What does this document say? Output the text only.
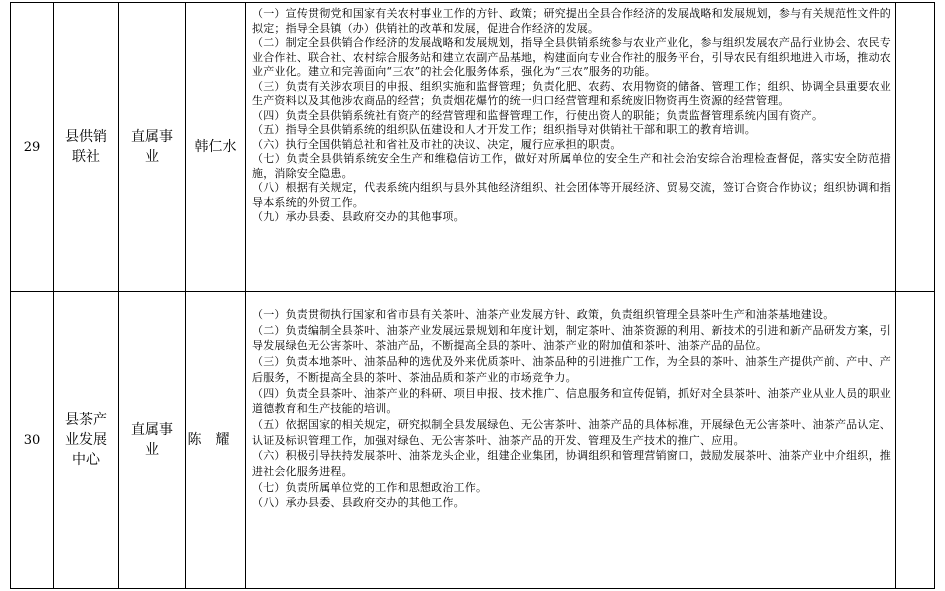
29
县供销联社
直属事业
韩仁水
（一）宣传贯彻党和国家有关农村事业工作的方针、政策；研究提出全县合作经济的发展战略和发展规划，参与有关规范性文件的拟定；指导全县镇（办）供销社的改革和发展，促进合作经济的发展。
（二）制定全县供销合作经济的发展战略和发展规划，指导全县供销系统参与农业产业化，参与组织发展农产品行业协会、农民专业合作社、联合社、农村综合服务站和建立农副产品基地，构建面向专业合作社的服务平台，引导农民有组织地进入市场，推动农业产业化。建立和完善面向“三农”的社会化服务体系，强化为“三农”服务的功能。
（三）负责有关涉农项目的申报、组织实施和监督管理；负责化肥、农药、农用物资的储备、管理工作；组织、协调全县重要农业生产资料以及其他涉农商品的经营；负责烟花爆竹的统一归口经营管理和系统废旧物资再生资源的经营管理。
（四）负责全县供销系统社有资产的经营管理和监督管理工作，行使出资人的职能；负责监督管理系统内国有资产。
（五）指导全县供销系统的组织队伍建设和人才开发工作；组织指导对供销社干部和职工的教育培训。
（六）执行全国供销总社和省社及市社的决议、决定，履行应承担的职责。
（七）负责全县供销系统安全生产和维稳信访工作，做好对所属单位的安全生产和社会治安综合治理检查督促，落实安全防范措施，消除安全隐患。
（八）根据有关规定，代表系统内组织与县外其他经济组织、社会团体等开展经济、贸易交流，签订合资合作协议；组织协调和指导本系统的外贸工作。
（九）承办县委、县政府交办的其他事项。
30
县茶产业发展中心
直属事业
陈耀
（一）负责贯彻执行国家和省市县有关茶叶、油茶产业发展方针、政策，负责组织管理全县茶叶生产和油茶基地建设。
（二）负责编制全县茶叶、油茶产业发展远景规划和年度计划，制定茶叶、油茶资源的利用、新技术的引进和新产品研发方案，引导发展绿色无公害茶叶、茶油产品，不断提高全县的茶叶、油茶产业的附加值和茶叶、油茶产品的品位。
（三）负责本地茶叶、油茶品种的选优及外来优质茶叶、油茶品种的引进推广工作，为全县的茶叶、油茶生产提供产前、产中、产后服务，不断提高全县的茶叶、茶油品质和茶产业的市场竞争力。
（四）负责全县茶叶、油茶产业的科研、项目申报、技术推广、信息服务和宣传促销，抓好对全县茶叶、油茶产业从业人员的职业道德教育和生产技能的培训。
（五）依据国家的相关规定，研究拟制全县发展绿色、无公害茶叶、油茶产品的具体标准，开展绿色无公害茶叶、油茶产品认定、认证及标识管理工作，加强对绿色、无公害茶叶、油茶产品的开发、管理及生产技术的推广、应用。
（六）积极引导扶持发展茶叶、油茶龙头企业，组建企业集团，协调组织和管理营销窗口，鼓励发展茶叶、油茶产业中介组织，推进社会化服务进程。
（七）负责所属单位党的工作和思想政治工作。
（八）承办县委、县政府交办的其他工作。
